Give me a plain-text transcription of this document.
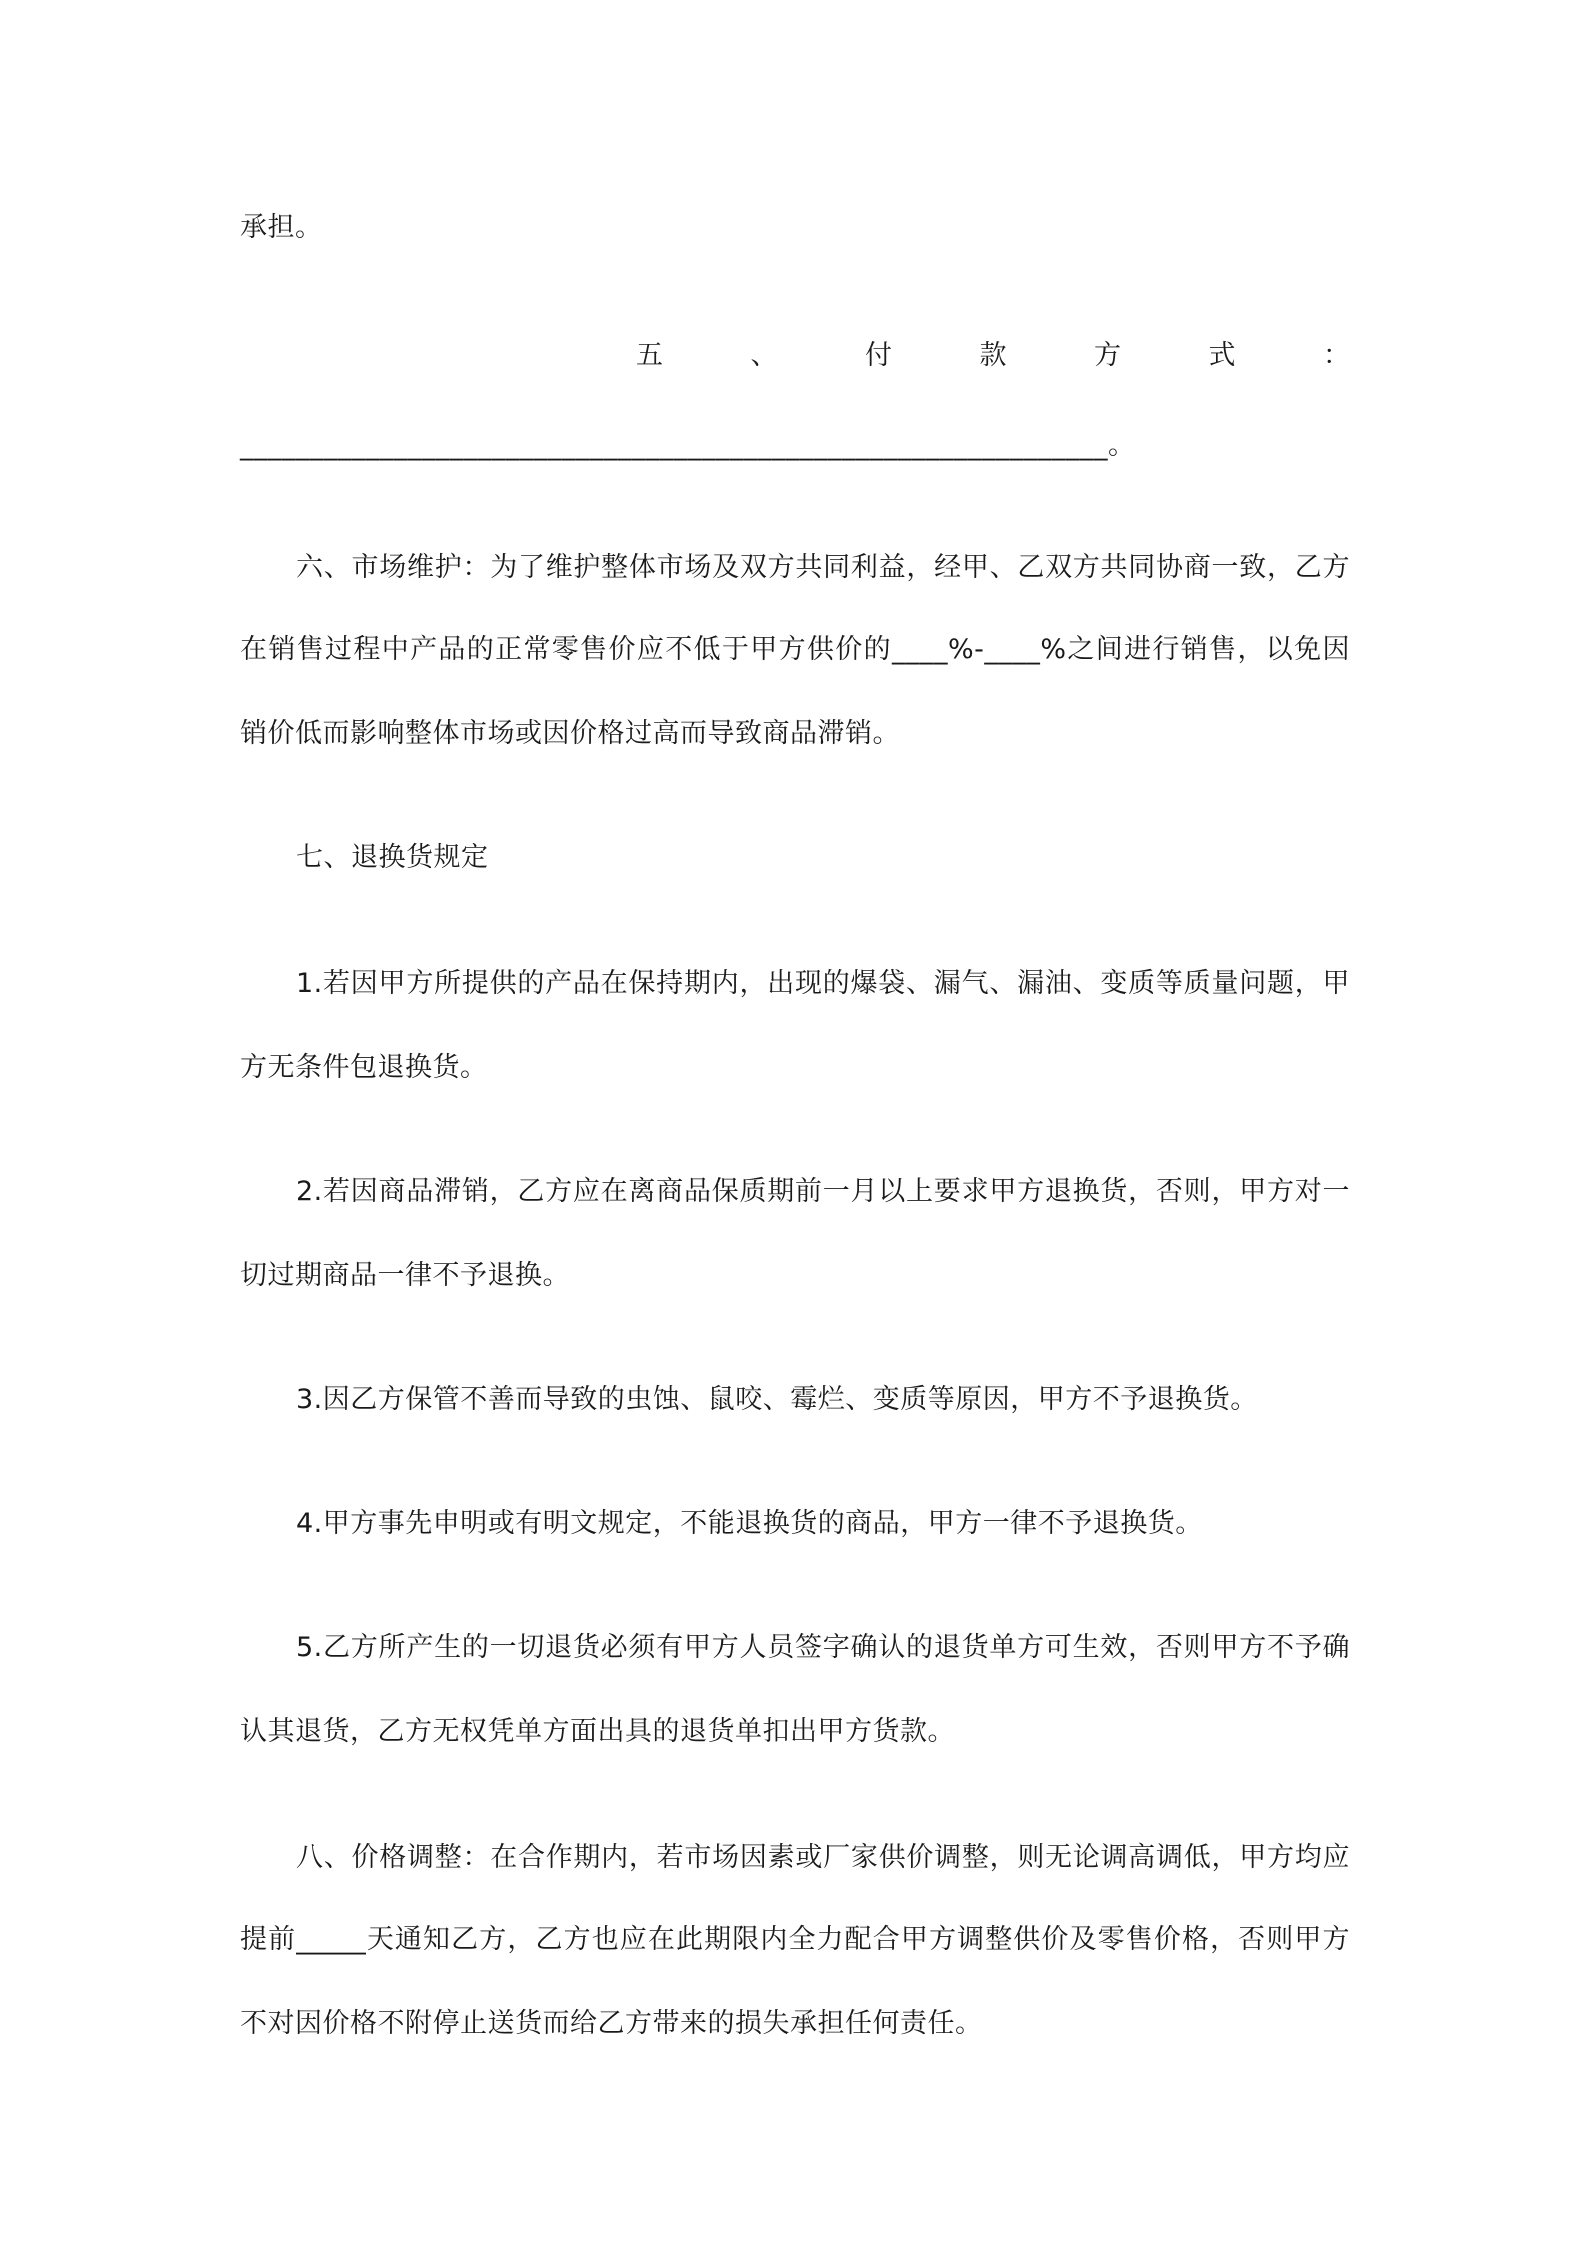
承担。
五	、	付	款	方	式	：
______________________________________________________________。
六、市场维护：为了维护整体市场及双方共同利益，经甲、乙双方共同协商一致，乙方
在销售过程中产品的正常零售价应不低于甲方供价的____%-____%之间进行销售，以免因
销价低而影响整体市场或因价格过高而导致商品滞销。
七、退换货规定
1.若因甲方所提供的产品在保持期内，出现的爆袋、漏气、漏油、变质等质量问题，甲
方无条件包退换货。
2.若因商品滞销，乙方应在离商品保质期前一月以上要求甲方退换货，否则，甲方对一
切过期商品一律不予退换。
3.因乙方保管不善而导致的虫蚀、鼠咬、霉烂、变质等原因，甲方不予退换货。
4.甲方事先申明或有明文规定，不能退换货的商品，甲方一律不予退换货。
5.乙方所产生的一切退货必须有甲方人员签字确认的退货单方可生效，否则甲方不予确
认其退货，乙方无权凭单方面出具的退货单扣出甲方货款。
八、价格调整：在合作期内，若市场因素或厂家供价调整，则无论调高调低，甲方均应
提前_____天通知乙方，乙方也应在此期限内全力配合甲方调整供价及零售价格，否则甲方
不对因价格不附停止送货而给乙方带来的损失承担任何责任。
